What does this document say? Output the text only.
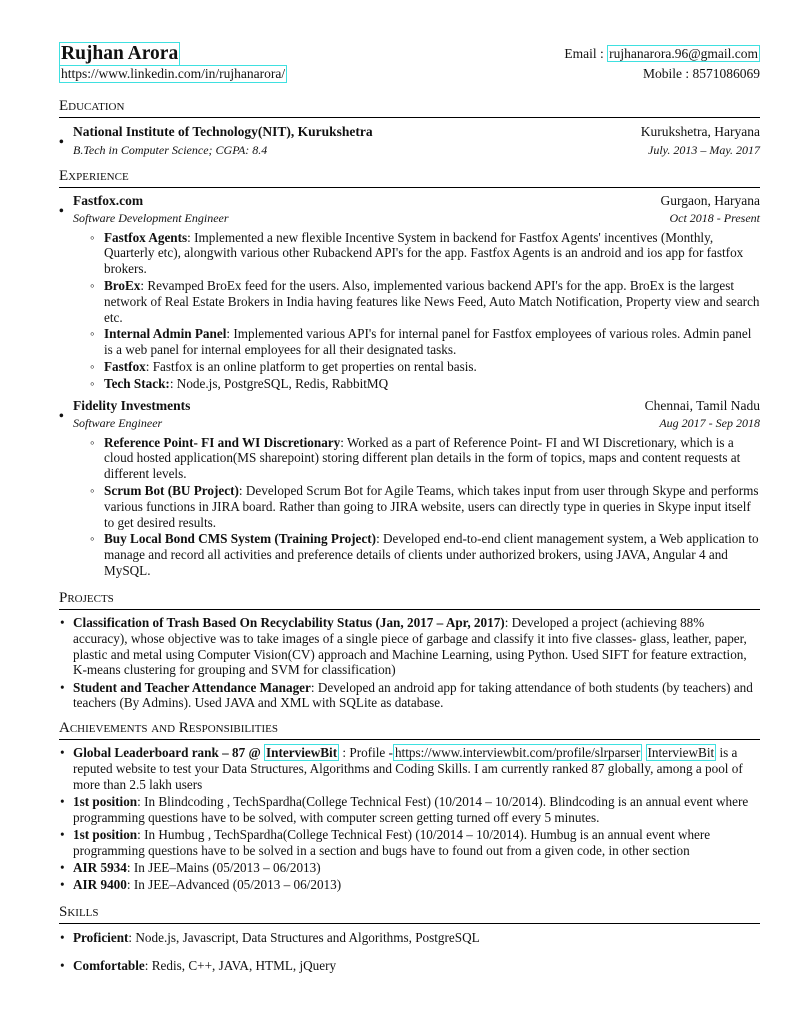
Rujhan Arora
https://www.linkedin.com/in/rujhanarora/
Email : rujhanarora.96@gmail.com
Mobile : 8571086069
Education
•
National Institute of Technology(NIT), Kurukshetra	Kurukshetra, Haryana
B.Tech in Computer Science; CGPA: 8.4	July. 2013 – May. 2017
Experience
•
Fastfox.com	Gurgaon, Haryana
Software Development Engineer	Oct 2018 - Present
◦ Fastfox Agents: Implemented a new flexible Incentive System in backend for Fastfox Agents' incentives (Monthly, Quarterly etc), alongwith various other Rubackend API's for the app. Fastfox Agents is an android and ios app for fastfox brokers.
◦ BroEx: Revamped BroEx feed for the users. Also, implemented various backend API's for the app. BroEx is the largest network of Real Estate Brokers in India having features like News Feed, Auto Match Notification, Property view and search etc.
◦ Internal Admin Panel: Implemented various API's for internal panel for Fastfox employees of various roles. Admin panel is a web panel for internal employees for all their designated tasks.
◦ Fastfox: Fastfox is an online platform to get properties on rental basis.
◦ Tech Stack:: Node.js, PostgreSQL, Redis, RabbitMQ
•
Fidelity Investments	Chennai, Tamil Nadu
Software Engineer	Aug 2017 - Sep 2018
◦ Reference Point- FI and WI Discretionary: Worked as a part of Reference Point- FI and WI Discretionary, which is a cloud hosted application(MS sharepoint) storing different plan details in the form of topics, maps and content requests at different levels.
◦ Scrum Bot (BU Project): Developed Scrum Bot for Agile Teams, which takes input from user through Skype and performs various functions in JIRA board. Rather than going to JIRA website, users can directly type in queries in Skype input itself to get desired results.
◦ Buy Local Bond CMS System (Training Project): Developed end-to-end client management system, a Web application to manage and record all activities and preference details of clients under authorized brokers, using JAVA, Angular 4 and MySQL.
Projects
• Classification of Trash Based On Recyclability Status (Jan, 2017 – Apr, 2017): Developed a project (achieving 88% accuracy), whose objective was to take images of a single piece of garbage and classify it into five classes- glass, leather, paper, plastic and metal using Computer Vision(CV) approach and Machine Learning, using Python. Used SIFT for feature extraction, K-means clustering for grouping and SVM for classification)
• Student and Teacher Attendance Manager: Developed an android app for taking attendance of both students (by teachers) and teachers (By Admins). Used JAVA and XML with SQLite as database.
Achievements and Responsibilities
• Global Leaderboard rank – 87 @ InterviewBit : Profile - https://www.interviewbit.com/profile/slrparser InterviewBit is a reputed website to test your Data Structures, Algorithms and Coding Skills. I am currently ranked 87 globally, among a pool of more than 2.5 lakh users
• 1st position: In Blindcoding , TechSpardha(College Technical Fest) (10/2014 – 10/2014). Blindcoding is an annual event where programming questions have to be solved, with computer screen getting turned off every 5 minutes.
• 1st position: In Humbug , TechSpardha(College Technical Fest) (10/2014 – 10/2014). Humbug is an annual event where programming questions have to be solved in a section and bugs have to found out from a given code, in other section
• AIR 5934: In JEE–Mains (05/2013 – 06/2013)
• AIR 9400: In JEE–Advanced (05/2013 – 06/2013)
Skills
• Proficient: Node.js, Javascript, Data Structures and Algorithms, PostgreSQL
• Comfortable: Redis, C++, JAVA, HTML, jQuery
